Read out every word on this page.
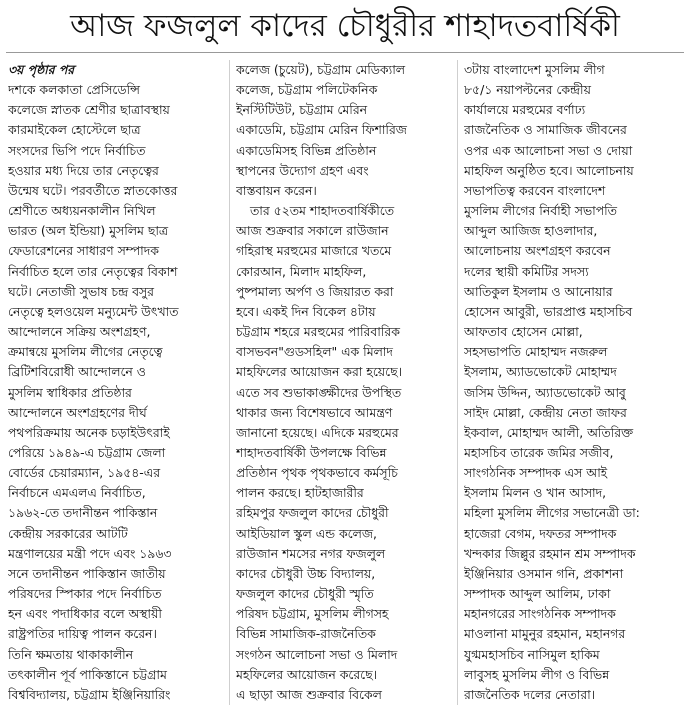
আজ ফজলুল কাদের চৌধুরীর শাহাদতবার্ষিকী
৩য় পৃষ্ঠার পর
দশকে কলকাতা প্রেসিডেন্সি
কলেজে স্নাতক শ্রেণীর ছাত্রাবস্থায়
কারমাইকেল হোস্টেলে ছাত্র
সংসদের ভিপি পদে নির্বাচিত
হওয়ার মধ্য দিয়ে তার নেতৃত্বের
উন্মেষ ঘটে। পরবর্তীতে স্নাতকোত্তর
শ্রেণীতে অধ্যয়নকালীন নিখিল
ভারত (অল ইন্ডিয়া) মুসলিম ছাত্র
ফেডারেশনের সাধারণ সম্পাদক
নির্বাচিত হলে তার নেতৃত্বের বিকাশ
ঘটে। নেতাজী সুভাষ চন্দ্র বসুর
নেতৃত্বে হলওয়েল মন্যুমেন্ট উৎখাত
আন্দোলনে সক্রিয় অংশগ্রহণ,
ক্রমান্বয়ে মুসলিম লীগের নেতৃত্বে
ব্রিটিশবিরোধী আন্দোলনে ও
মুসলিম স্বাধিকার প্রতিষ্ঠার
আন্দোলনে অংশগ্রহণের দীর্ঘ
পথপরিক্রমায় অনেক চড়াইউৎরাই
পেরিয়ে ১৯৪৯-এ চট্টগ্রাম জেলা
বোর্ডের চেয়ারম্যান, ১৯৫৪-এর
নির্বাচনে এমএলএ নির্বাচিত,
১৯৬২-তে তদানীন্তন পাকিস্তান
কেন্দ্রীয় সরকারের আটটি
মন্ত্রণালয়ের মন্ত্রী পদে এবং ১৯৬৩
সনে তদানীন্তন পাকিস্তান জাতীয়
পরিষদের স্পিকার পদে নির্বাচিত
হন এবং পদাধিকার বলে অস্থায়ী
রাষ্ট্রপতির দায়িত্ব পালন করেন।
তিনি ক্ষমতায় থাকাকালীন
তৎকালীন পূর্ব পাকিস্তানে চট্টগ্রাম
বিশ্ববিদ্যালয়, চট্টগ্রাম ইঞ্জিনিয়ারিং
কলেজ (চুয়েট), চট্টগ্রাম মেডিক্যাল
কলেজ, চট্টগ্রাম পলিটেকনিক
ইনস্টিটিউট, চট্টগ্রাম মেরিন
একাডেমি, চট্টগ্রাম মেরিন ফিশারিজ
একাডেমিসহ বিভিন্ন প্রতিষ্ঠান
স্থাপনের উদ্যোগ গ্রহণ এবং
বাস্তবায়ন করেন।
তার ৫২তম শাহাদতবার্ষিকীতে
আজ শুক্রবার সকালে রাউজান
গহিরাস্থ মরহুমের মাজারে খতমে
কোরআন, মিলাদ মাহফিল,
পুষ্পমাল্য অর্পণ ও জিয়ারত করা
হবে। একই দিন বিকেল ৪টায়
চট্টগ্রাম শহরে মরহুমের পারিবারিক
বাসভবন"গুডসহিল" এক মিলাদ
মাহফিলের আয়োজন করা হয়েছে।
এতে সব শুভাকাঙ্ক্ষীদের উপস্থিত
থাকার জন্য বিশেষভাবে আমন্ত্রণ
জানানো হয়েছে। এদিকে মরহুমের
শাহাদতবার্ষিকী উপলক্ষে বিভিন্ন
প্রতিষ্ঠান পৃথক পৃথকভাবে কর্মসূচি
পালন করছে। হাটহাজারীর
রহিমপুর ফজলুল কাদের চৌধুরী
আইডিয়াল স্কুল এন্ড কলেজ,
রাউজান শমসের নগর ফজলুল
কাদের চৌধুরী উচ্চ বিদ্যালয়,
ফজলুল কাদের চৌধুরী স্মৃতি
পরিষদ চট্টগ্রাম, মুসলিম লীগসহ
বিভিন্ন সামাজিক-রাজনৈতিক
সংগঠন আলোচনা সভা ও মিলাদ
মহফিলের আয়োজন করেছে।
এ ছাড়া আজ শুক্রবার বিকেল
৩টায় বাংলাদেশ মুসলিম লীগ
৮৫/১ নয়াপল্টনের কেন্দ্রীয়
কার্যালয়ে মরহুমের বর্ণাঢ্য
রাজনৈতিক ও সামাজিক জীবনের
ওপর এক আলোচনা সভা ও দোয়া
মাহফিল অনুষ্ঠিত হবে। আলোচনায়
সভাপতিত্ব করবেন বাংলাদেশ
মুসলিম লীগের নির্বাহী সভাপতি
আব্দুল আজিজ হাওলাদার,
আলোচনায় অংশগ্রহণ করবেন
দলের স্থায়ী কমিটির সদস্য
আতিকুল ইসলাম ও আনোয়ার
হোসেন আবুরী, ভারপ্রাপ্ত মহাসচিব
আফতাব হোসেন মোল্লা,
সহসভাপতি মোহাম্মদ নজরুল
ইসলাম, অ্যাডভোকেট মোহাম্মদ
জসিম উদ্দিন, অ্যাডভোকেট আবু
সাইদ মোল্লা, কেন্দ্রীয় নেতা জাফর
ইকবাল, মোহাম্মদ আলী, অতিরিক্ত
মহাসচিব তারেক জমির সজীব,
সাংগঠনিক সম্পাদক এস আই
ইসলাম মিলন ও খান আসাদ,
মহিলা মুসলিম লীগের সভানেত্রী ডা:
হাজেরা বেগম, দফতর সম্পাদক
খন্দকার জিল্লুর রহমান শ্রম সম্পাদক
ইঞ্জিনিয়ার ওসমান গনি, প্রকাশনা
সম্পাদক আব্দুল আলিম, ঢাকা
মহানগরের সাংগঠনিক সম্পাদক
মাওলানা মামুনুর রহমান, মহানগর
যুগ্মমহাসচিব নাসিমুল হাকিম
লাবুসহ মুসলিম লীগ ও বিভিন্ন
রাজনৈতিক দলের নেতারা।
